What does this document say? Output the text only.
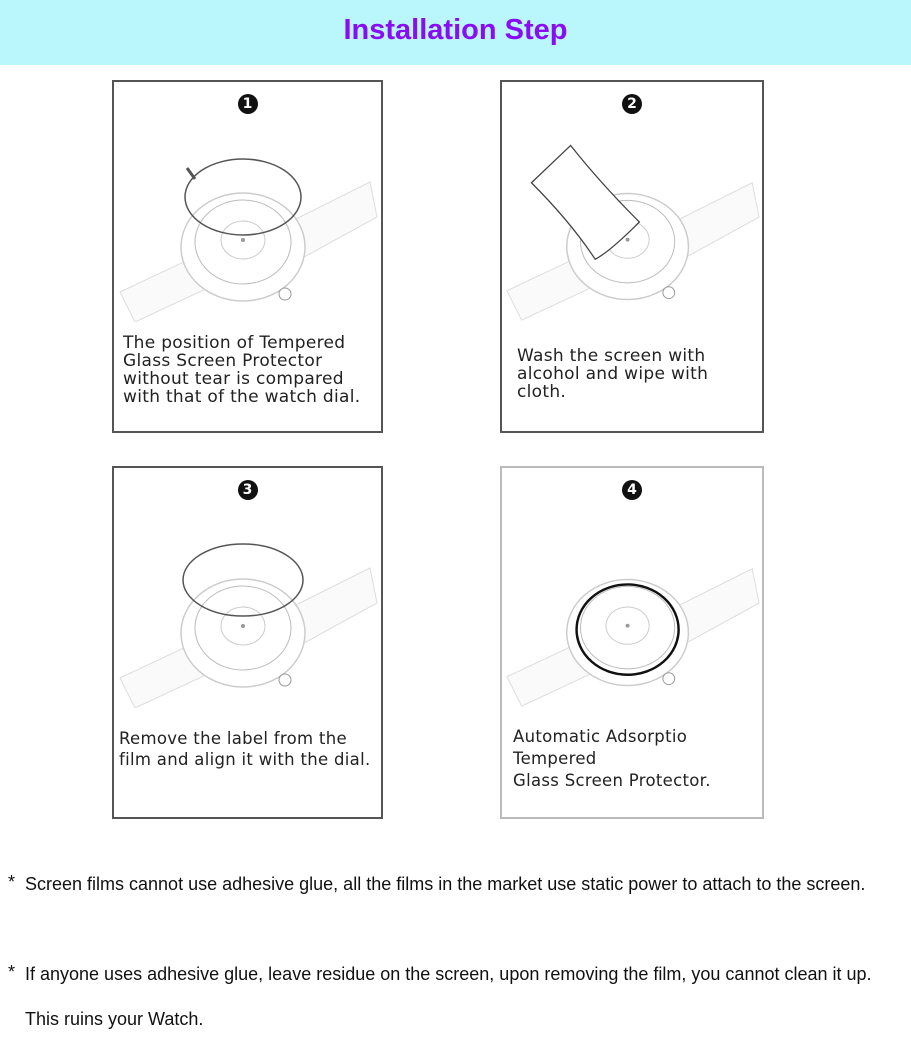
Installation Step
1
The position of Tempered
Glass Screen Protector
without tear is compared
with that of the watch dial.
2
Wash the screen with
alcohol and wipe with
cloth.
3
Remove the label from the
film and align it with the dial.
4
Automatic Adsorptio Tempered
Glass Screen Protector.
* Screen films cannot use adhesive glue, all the films in the market use static power to attach to the screen.
* If anyone uses adhesive glue, leave residue on the screen, upon removing the film, you cannot clean it up. This ruins your Watch.
